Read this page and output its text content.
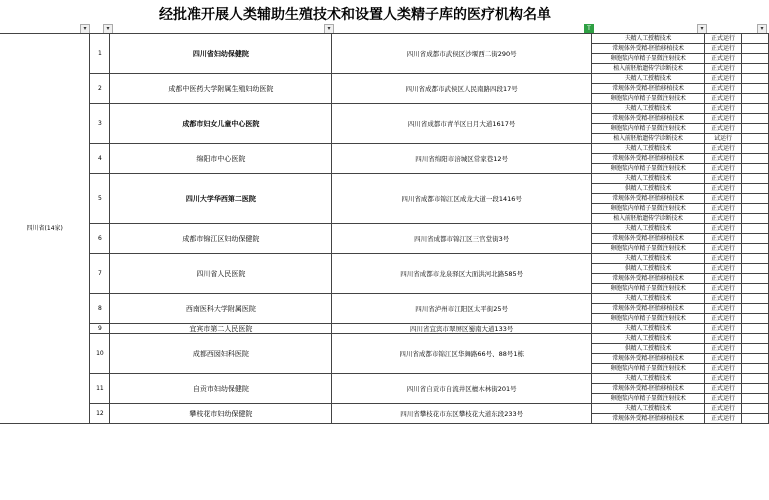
经批准开展人类辅助生殖技术和设置人类精子库的医疗机构名单
▾	▾	▾	T	▾	▾
四川省(14家)	1	四川省妇幼保健院	四川省成都市武侯区沙堰西二街290号	夫精人工授精技术	正式运行	
				常规体外受精-胚胎移植技术	正式运行	
				卵胞浆内单精子显微注射技术	正式运行	
				植入前胚胎遗传学诊断技术	正式运行	
	2	成都中医药大学附属生殖妇幼医院	四川省成都市武侯区人民南路四段17号	夫精人工授精技术	正式运行	
				常规体外受精-胚胎移植技术	正式运行	
				卵胞浆内单精子显微注射技术	正式运行	
	3	成都市妇女儿童中心医院	四川省成都市青羊区日月大道1617号	夫精人工授精技术	正式运行	
				常规体外受精-胚胎移植技术	正式运行	
				卵胞浆内单精子显微注射技术	正式运行	
				植入前胚胎遗传学诊断技术	试运行	
	4	绵阳市中心医院	四川省绵阳市涪城区常家巷12号	夫精人工授精技术	正式运行	
				常规体外受精-胚胎移植技术	正式运行	
				卵胞浆内单精子显微注射技术	正式运行	
	5	四川大学华西第二医院	四川省成都市锦江区成龙大道一段1416号	夫精人工授精技术	正式运行	
				供精人工授精技术	正式运行	
				常规体外受精-胚胎移植技术	正式运行	
				卵胞浆内单精子显微注射技术	正式运行	
				植入前胚胎遗传学诊断技术	正式运行	
	6	成都市锦江区妇幼保健院	四川省成都市锦江区三官堂街3号	夫精人工授精技术	正式运行	
				常规体外受精-胚胎移植技术	正式运行	
				卵胞浆内单精子显微注射技术	正式运行	
	7	四川省人民医院	四川省成都市龙泉驿区大面洪河北路585号	夫精人工授精技术	正式运行	
				供精人工授精技术	正式运行	
				常规体外受精-胚胎移植技术	正式运行	
				卵胞浆内单精子显微注射技术	正式运行	
	8	西南医科大学附属医院	四川省泸州市江阳区太平街25号	夫精人工授精技术	正式运行	
				常规体外受精-胚胎移植技术	正式运行	
				卵胞浆内单精子显微注射技术	正式运行	
	9	宜宾市第二人民医院	四川省宜宾市翠屏区蜀南大道133号	夫精人工授精技术	正式运行	
	10	成都西囡妇科医院	四川省成都市锦江区华舞路66号、88号1栋	夫精人工授精技术	正式运行	
				供精人工授精技术	正式运行	
				常规体外受精-胚胎移植技术	正式运行	
				卵胞浆内单精子显微注射技术	正式运行	
	11	自贡市妇幼保健院	四川省自贡市自流井区檀木林街201号	夫精人工授精技术	正式运行	
				常规体外受精-胚胎移植技术	正式运行	
				卵胞浆内单精子显微注射技术	正式运行	
	12	攀枝花市妇幼保健院	四川省攀枝花市东区攀枝花大道东段233号	夫精人工授精技术	正式运行	
				常规体外受精-胚胎移植技术	正式运行	
